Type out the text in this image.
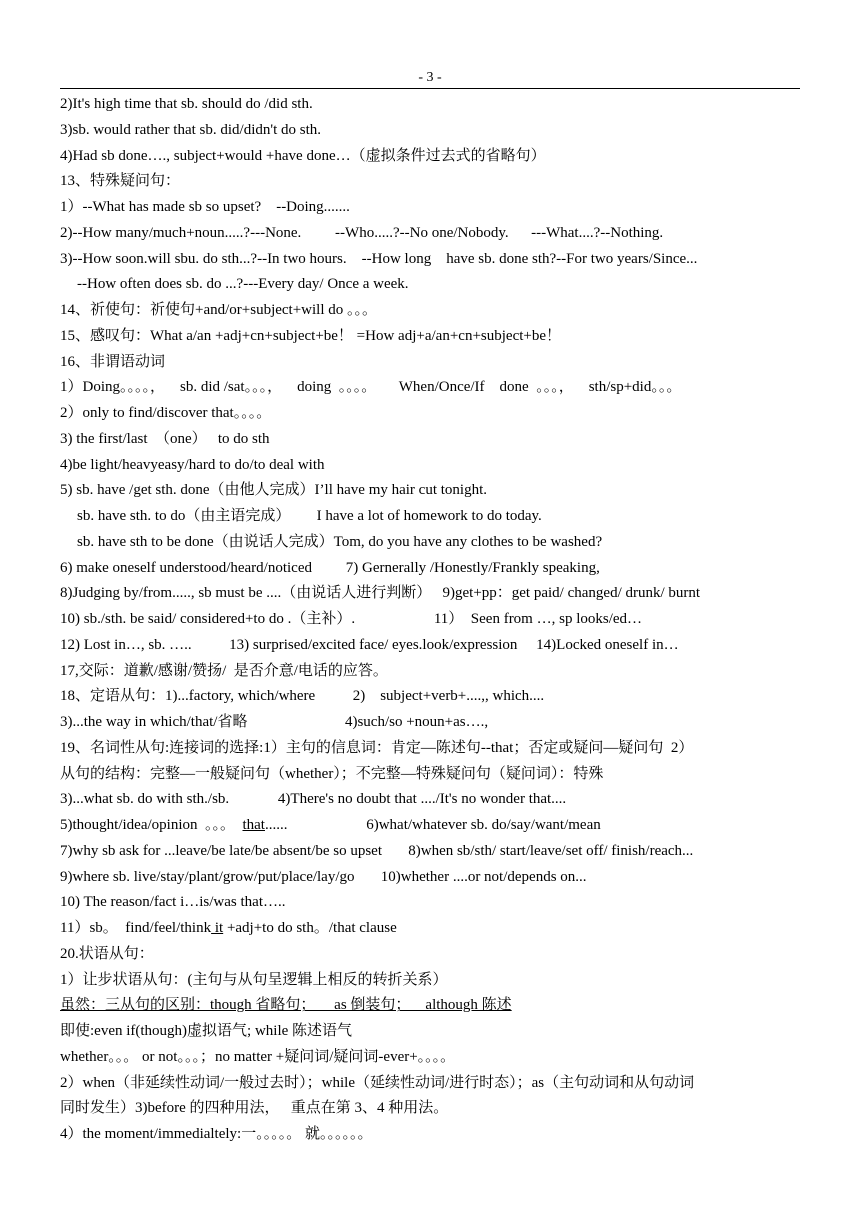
- 3 -
2)It's high time that sb. should do /did sth.
3)sb. would rather that sb. did/didn't do sth.
4)Had sb done…., subject+would +have done…（虚拟条件过去式的省略句）
13、特殊疑问句：
1）--What has made sb so upset?    --Doing.......
2)--How many/much+noun.....?---None.         --Who.....?--No one/Nobody.      ---What....?--Nothing.
3)--How soon.will sbu. do sth...?--In two hours.    --How long    have sb. done sth?--For two years/Since...
--How often does sb. do ...?---Every day/ Once a week.
14、祈使句：祈使句+and/or+subject+will do 。。。
15、感叹句：What a/an +adj+cn+subject+be！ =How adj+a/an+cn+subject+be！
16、非谓语动词
1）Doing。。。。，    sb. did /sat。。。，    doing  。。。。      When/Once/If    done  。。。，    sth/sp+did。。。
2）only to find/discover that。。。。
3) the first/last  （one）   to do sth
4)be light/heavyeasy/hard to do/to deal with
5) sb. have /get sth. done（由他人完成）I’ll have my hair cut tonight.
sb. have sth. to do（由主语完成）       I have a lot of homework to do today.
sb. have sth to be done（由说话人完成）Tom, do you have any clothes to be washed?
6) make oneself understood/heard/noticed         7) Gernerally /Honestly/Frankly speaking,
8)Judging by/from....., sb must be ....（由说话人进行判断）   9)get+pp：get paid/ changed/ drunk/ burnt
10) sb./sth. be said/ considered+to do .（主补）.                     11）  Seen from …, sp looks/ed…
12) Lost in…, sb. …..          13) surprised/excited face/ eyes.look/expression     14)Locked oneself in…
17,交际：道歉/感谢/赞扬/  是否介意/电话的应答。
18、定语从句：1)...factory, which/where          2)    subject+verb+....,, which....
3)...the way in which/that/省略                          4)such/so +noun+as….,
19、名词性从句:连接词的选择:1）主句的信息词：肯定—陈述句--that；否定或疑问—疑问句  2）
从句的结构：完整—一般疑问句（whether）；不完整—特殊疑问句（疑问词）：特殊
3)...what sb. do with sth./sb.             4)There's no doubt that ..../It's no wonder that....
5)thought/idea/opinion  。。。  that......                     6)what/whatever sb. do/say/want/mean
7)why sb ask for ...leave/be late/be absent/be so upset       8)when sb/sth/ start/leave/set off/ finish/reach...
9)where sb. live/stay/plant/grow/put/place/lay/go       10)whether ....or not/depends on...
10) The reason/fact i…is/was that…..
11）sb。  find/feel/think it +adj+to do sth。/that clause
20.状语从句：
1）让步状语从句：(主句与从句呈逻辑上相反的转折关系）
虽然：三从句的区别：though 省略句；     as 倒装句；    although 陈述
即使:even if(though)虚拟语气; while 陈述语气
whether。。。 or not。。。；no matter +疑问词/疑问词-ever+。。。。
2）when（非延续性动词/一般过去时）；while（延续性动词/进行时态）；as（主句动词和从句动词
同时发生）3)before 的四种用法，   重点在第 3、4 种用法。
4）the moment/immedialtely:一。。。。。 就。。。。。。
